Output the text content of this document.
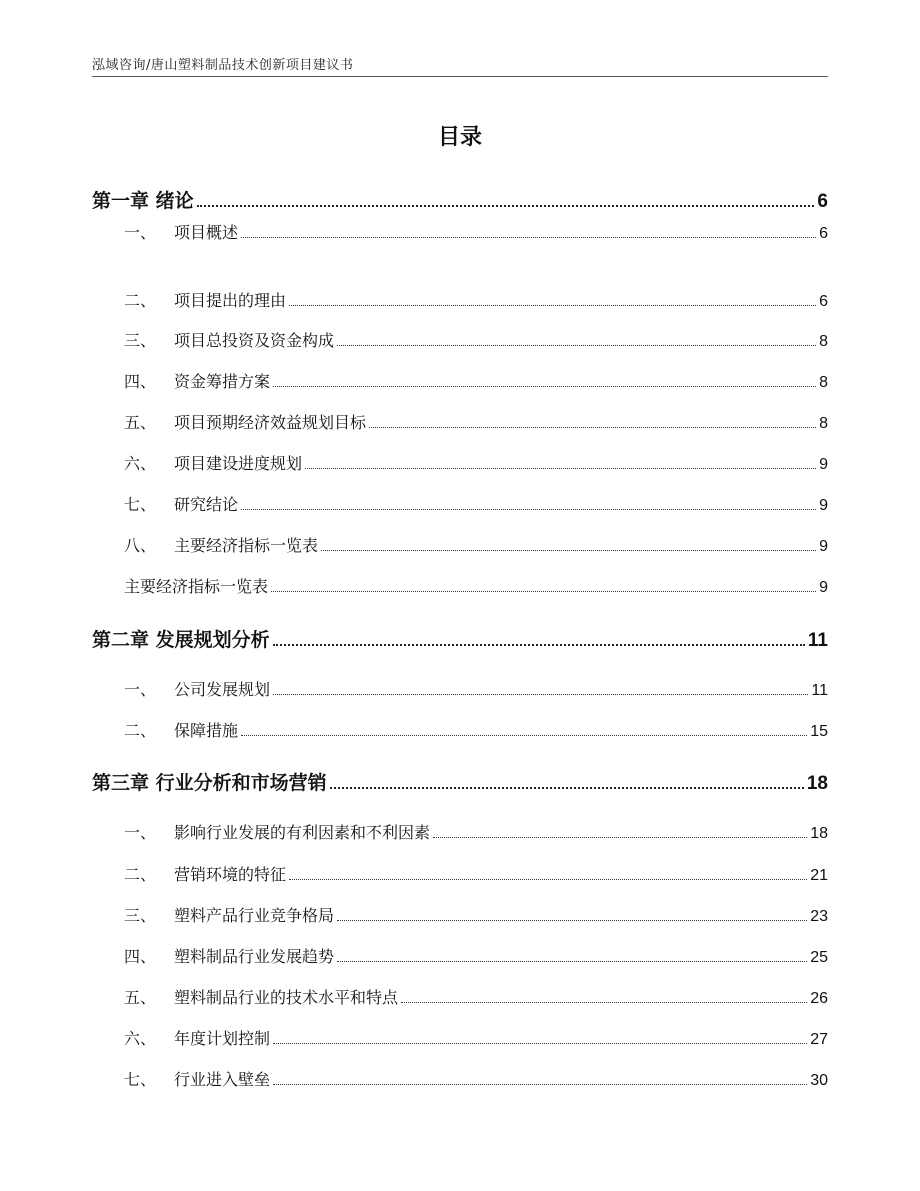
泓域咨询/唐山塑料制品技术创新项目建议书
目录
第一章 绪论	6
一、	项目概述	6
二、	项目提出的理由	6
三、	项目总投资及资金构成	8
四、	资金筹措方案	8
五、	项目预期经济效益规划目标	8
六、	项目建设进度规划	9
七、	研究结论	9
八、	主要经济指标一览表	9
主要经济指标一览表	9
第二章 发展规划分析	11
一、	公司发展规划	11
二、	保障措施	15
第三章 行业分析和市场营销	18
一、	影响行业发展的有利因素和不利因素	18
二、	营销环境的特征	21
三、	塑料产品行业竞争格局	23
四、	塑料制品行业发展趋势	25
五、	塑料制品行业的技术水平和特点	26
六、	年度计划控制	27
七、	行业进入壁垒	30
